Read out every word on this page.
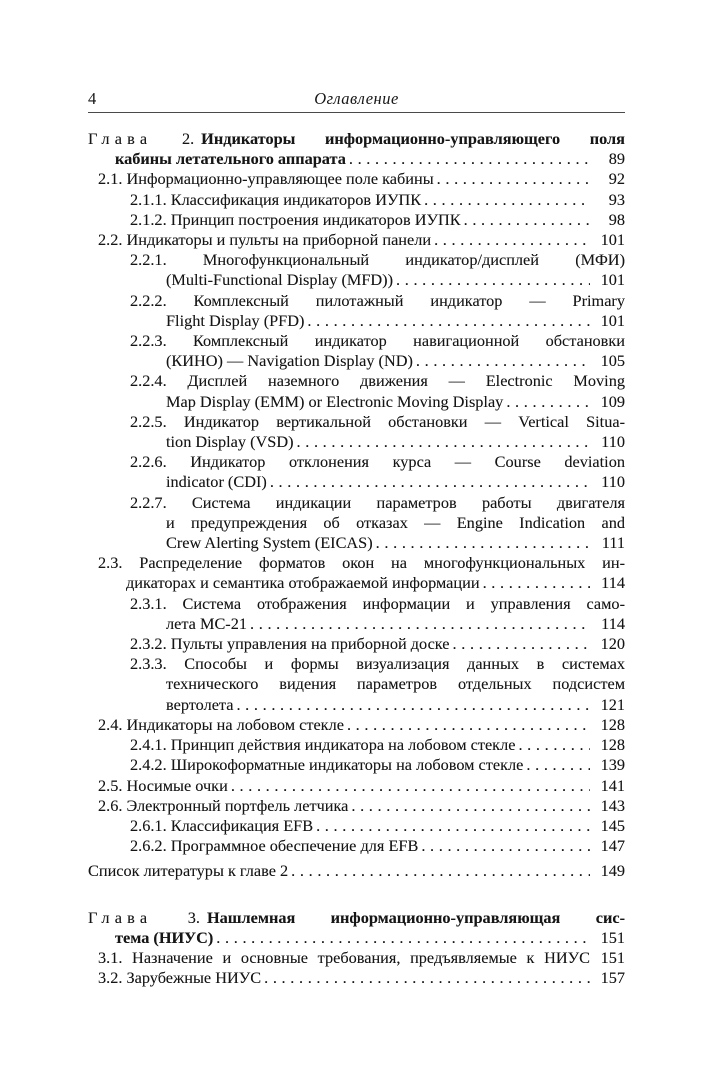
4	Оглавление
Глава 2. Индикаторы информационно-управляющего поля
кабины летательного аппарата .....	89
2.1. Информационно-управляющее поле кабины .....	92
2.1.1. Классификация индикаторов ИУПК .....	93
2.1.2. Принцип построения индикаторов ИУПК .....	98
2.2. Индикаторы и пульты на приборной панели .....	101
2.2.1. Многофункциональный индикатор/дисплей (МФИ)
(Multi-Functional Display (MFD)) .....	101
2.2.2. Комплексный пилотажный индикатор — Primary
Flight Display (PFD) .....	101
2.2.3. Комплексный индикатор навигационной обстановки
(КИНО) — Navigation Display (ND) .....	105
2.2.4. Дисплей наземного движения — Electronic Moving
Map Display (EMM) or Electronic Moving Display .....	109
2.2.5. Индикатор вертикальной обстановки — Vertical Situa-
tion Display (VSD) .....	110
2.2.6. Индикатор отклонения курса — Course deviation
indicator (CDI) .....	110
2.2.7. Система индикации параметров работы двигателя
и предупреждения об отказах — Engine Indication and
Crew Alerting System (EICAS) .....	111
2.3. Распределение форматов окон на многофункциональных ин-
дикаторах и семантика отображаемой информации .....	114
2.3.1. Система отображения информации и управления само-
лета МС-21 .....	114
2.3.2. Пульты управления на приборной доске .....	120
2.3.3. Способы и формы визуализация данных в системах
технического видения параметров отдельных подсистем
вертолета .....	121
2.4. Индикаторы на лобовом стекле .....	128
2.4.1. Принцип действия индикатора на лобовом стекле .....	128
2.4.2. Широкоформатные индикаторы на лобовом стекле .....	139
2.5. Носимые очки .....	141
2.6. Электронный портфель летчика .....	143
2.6.1. Классификация EFB .....	145
2.6.2. Программное обеспечение для EFB .....	147
Список литературы к главе 2 .....	149
Глава 3. Нашлемная информационно-управляющая сис-
тема (НИУС) .....	151
3.1. Назначение и основные требования, предъявляемые к НИУС 151
3.2. Зарубежные НИУС .....	157
